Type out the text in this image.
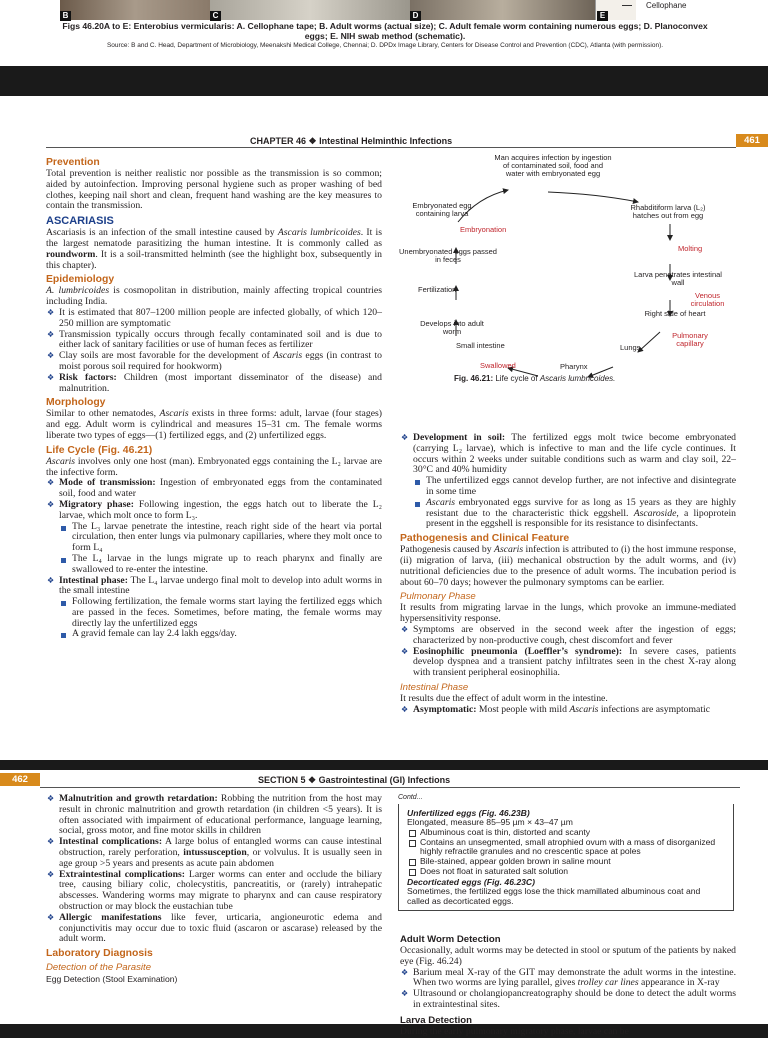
B	C	D	E
Cellophane
Figs 46.20A to E: Enterobius vermicularis: A. Cellophane tape; B. Adult worms (actual size); C. Adult female worm containing numerous eggs; D. Planoconvex eggs; E. NIH swab method (schematic).
Source: B and C. Head, Department of Microbiology, Meenakshi Medical College, Chennai; D. DPDx Image Library, Centers for Disease Control and Prevention (CDC), Atlanta (with permission).
CHAPTER 46 ❖ Intestinal Helminthic Infections	461
Prevention

Total prevention is neither realistic nor possible as the transmission is so common; aided by autoinfection. Improving personal hygiene such as proper washing of bed clothes, keeping nail short and clean, frequent hand washing are the key measures to contain the transmission.

ASCARIASIS

Ascariasis is an infection of the small intestine caused by Ascaris lumbricoides. It is the largest nematode parasitizing the human intestine. It is commonly called as roundworm. It is a soil-transmitted helminth (see the highlight box, subsequently in this chapter).

Epidemiology

A. lumbricoides is cosmopolitan in distribution, mainly affecting tropical countries including India.

❖ It is estimated that 807–1200 million people are infected globally, of which 120–250 million are symptomatic
❖ Transmission typically occurs through fecally contaminated soil and is due to either lack of sanitary facilities or use of human feces as fertilizer
❖ Clay soils are most favorable for the development of Ascaris eggs (in contrast to moist porous soil required for hookworm)
❖ Risk factors: Children (most important disseminator of the disease) and malnutrition.
Morphology

Similar to other nematodes, Ascaris exists in three forms: adult, larvae (four stages) and egg. Adult worm is cylindrical and measures 15–31 cm. The female worms liberate two types of eggs—(1) fertilized eggs, and (2) unfertilized eggs.

Life Cycle (Fig. 46.21)

Ascaris involves only one host (man). Embryonated eggs containing the L₂ larvae are the infective form.

❖ Mode of transmission: Ingestion of embryonated eggs from the contaminated soil, food and water
❖ Migratory phase: Following ingestion, the eggs hatch out to liberate the L₂ larvae, which molt once to form L₃.
The L₃ larvae penetrate the intestine, reach right side of the heart via portal circulation, then enter lungs via pulmonary capillaries, where they molt once to form L₄
The L₄ larvae in the lungs migrate up to reach pharynx and finally are swallowed to re-enter the intestine.
❖ Intestinal phase: The L₄ larvae undergo final molt to develop into adult worms in the small intestine
Following fertilization, the female worms start laying the fertilized eggs which are passed in the feces. Sometimes, before mating, the female worms may directly lay the unfertilized eggs
A gravid female can lay 2.4 lakh eggs/day.
Man acquires infection by ingestion of contaminated soil, food and water with embryonated egg
Rhabditiform larva (L₂) hatches out from egg
Embryonated egg containing larva
Embryonation
Molting
Unembryonated eggs passed in feces
Larva penetrates intestinal wall
Fertilization
Venous circulation
Develops into adult worm
Right side of heart
Pulmonary capillary
Small intestine	Lungs
Swallowed	Pharynx
Fig. 46.21: Life cycle of Ascaris lumbricoides.
❖ Development in soil: The fertilized eggs molt twice become embryonated (carrying L₂ larvae), which is infective to man and the life cycle continues. It occurs within 2 weeks under suitable conditions such as warm and clay soil, 22–30°C and 40% humidity
The unfertilized eggs cannot develop further, are not infective and disintegrate in some time
Ascaris embryonated eggs survive for as long as 15 years as they are highly resistant due to the characteristic thick eggshell. Ascaroside, a lipoprotein present in the eggshell is responsible for its resistance to disinfectants.
Pathogenesis and Clinical Feature

Pathogenesis caused by Ascaris infection is attributed to (i) the host immune response, (ii) migration of larva, (iii) mechanical obstruction by the adult worms, and (iv) nutritional deficiencies due to the presence of adult worms. The incubation period is about 60–70 days; however the pulmonary symptoms can be earlier.

Pulmonary Phase

It results from migrating larvae in the lungs, which provoke an immune-mediated hypersensitivity response.

❖ Symptoms are observed in the second week after the ingestion of eggs; characterized by non-productive cough, chest discomfort and fever
❖ Eosinophilic pneumonia (Loeffler’s syndrome): In severe cases, patients develop dyspnea and a transient patchy infiltrates seen in the chest X-ray along with transient peripheral eosinophilia.
Intestinal Phase

It results due the effect of adult worm in the intestine.

❖ Asymptomatic: Most people with mild Ascaris infections are asymptomatic
462	SECTION 5 ❖ Gastrointestinal (GI) Infections
❖ Malnutrition and growth retardation: Robbing the nutrition from the host may result in chronic malnutrition and growth retardation (in children <5 years). It is often associated with impairment of educational performance, language learning, social, gross motor, and fine motor skills in children
❖ Intestinal complications: A large bolus of entangled worms can cause intestinal obstruction, rarely perforation, intussusception, or volvulus. It is usually seen in age group >5 years and presents as acute pain abdomen
❖ Extraintestinal complications: Larger worms can enter and occlude the biliary tree, causing biliary colic, cholecystitis, pancreatitis, or (rarely) intrahepatic abscesses. Wandering worms may migrate to pharynx and can cause respiratory obstruction or may block the eustachian tube
❖ Allergic manifestations like fever, urticaria, angioneurotic edema and conjunctivitis may occur due to toxic fluid (ascaron or ascarase) released by the adult worm.
Laboratory Diagnosis
Detection of the Parasite
Egg Detection (Stool Examination)
Contd...
Unfertilized eggs (Fig. 46.23B)
Elongated, measure 85–95 µm × 43–47 µm
Albuminous coat is thin, distorted and scanty
Contains an unsegmented, small atrophied ovum with a mass of disorganized highly refractile granules and no crescentic space at poles
Bile-stained, appear golden brown in saline mount
Does not float in saturated salt solution
Decorticated eggs (Fig. 46.23C)
Sometimes, the fertilized eggs lose the thick mamillated albuminous coat and called as decorticated eggs.
Adult Worm Detection

Occasionally, adult worms may be detected in stool or sputum of the patients by naked eye (Fig. 46.24)

❖ Barium meal X-ray of the GIT may demonstrate the adult worms in the intestine. When two worms are lying parallel, gives trolley car lines appearance in X-ray
❖ Ultrasound or cholangiopancreatography should be done to detect the adult worms in extraintestinal sites.
Larva Detection

During the early pulmonary migratory phase, larvae can be
